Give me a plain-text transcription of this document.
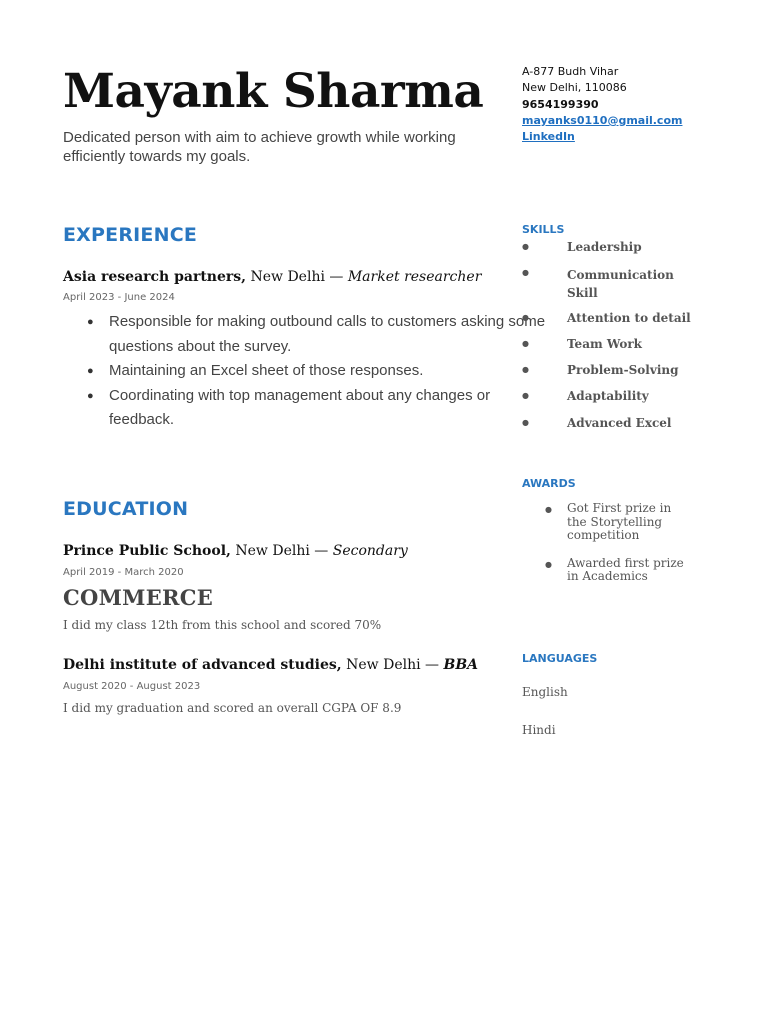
Mayank Sharma
Dedicated person with aim to achieve growth while working efficiently towards my goals.
A-877 Budh Vihar
New Delhi, 110086
9654199390
mayanks0110@gmail.com
LinkedIn
EXPERIENCE
Asia research partners, New Delhi — Market researcher
April 2023 - June 2024
● Responsible for making outbound calls to customers asking some questions about the survey.
● Maintaining an Excel sheet of those responses.
● Coordinating with top management about any changes or feedback.
EDUCATION
Prince Public School, New Delhi — Secondary
April 2019 - March 2020
COMMERCE
I did my class 12th from this school and scored 70%
Delhi institute of advanced studies, New Delhi — BBA
August 2020 - August 2023
I did my graduation and scored an overall CGPA OF 8.9
SKILLS
● Leadership
● Communication Skill
● Attention to detail
● Team Work
● Problem-Solving
● Adaptability
● Advanced Excel
AWARDS
● Got First prize in the Storytelling competition
● Awarded first prize in Academics
LANGUAGES
English
Hindi
